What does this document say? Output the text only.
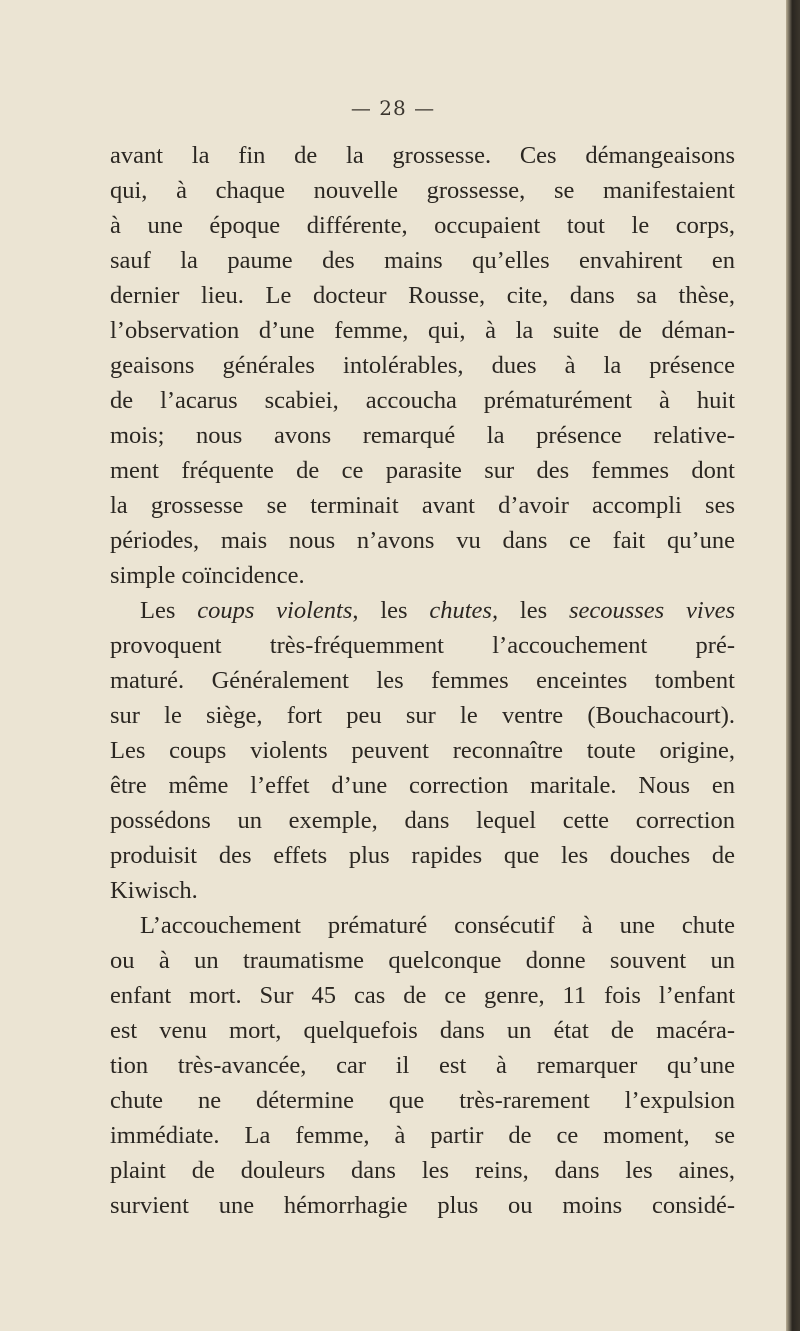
— 28 —
avant la fin de la grossesse. Ces démangeaisons
qui, à chaque nouvelle grossesse, se manifestaient
à une époque différente, occupaient tout le corps,
sauf la paume des mains qu’elles envahirent en
dernier lieu. Le docteur Rousse, cite, dans sa thèse,
l’observation d’une femme, qui, à la suite de déman-
geaisons générales intolérables, dues à la présence
de l’acarus scabiei, accoucha prématurément à huit
mois; nous avons remarqué la présence relative-
ment fréquente de ce parasite sur des femmes dont
la grossesse se terminait avant d’avoir accompli ses
périodes, mais nous n’avons vu dans ce fait qu’une
simple coïncidence.
Les coups violents, les chutes, les secousses vives
provoquent très-fréquemment l’accouchement pré-
maturé. Généralement les femmes enceintes tombent
sur le siège, fort peu sur le ventre (Bouchacourt).
Les coups violents peuvent reconnaître toute origine,
être même l’effet d’une correction maritale. Nous en
possédons un exemple, dans lequel cette correction
produisit des effets plus rapides que les douches de
Kiwisch.
L’accouchement prématuré consécutif à une chute
ou à un traumatisme quelconque donne souvent un
enfant mort. Sur 45 cas de ce genre, 11 fois l’enfant
est venu mort, quelquefois dans un état de macéra-
tion très-avancée, car il est à remarquer qu’une
chute ne détermine que très-rarement l’expulsion
immédiate. La femme, à partir de ce moment, se
plaint de douleurs dans les reins, dans les aines,
survient une hémorrhagie plus ou moins considé-
